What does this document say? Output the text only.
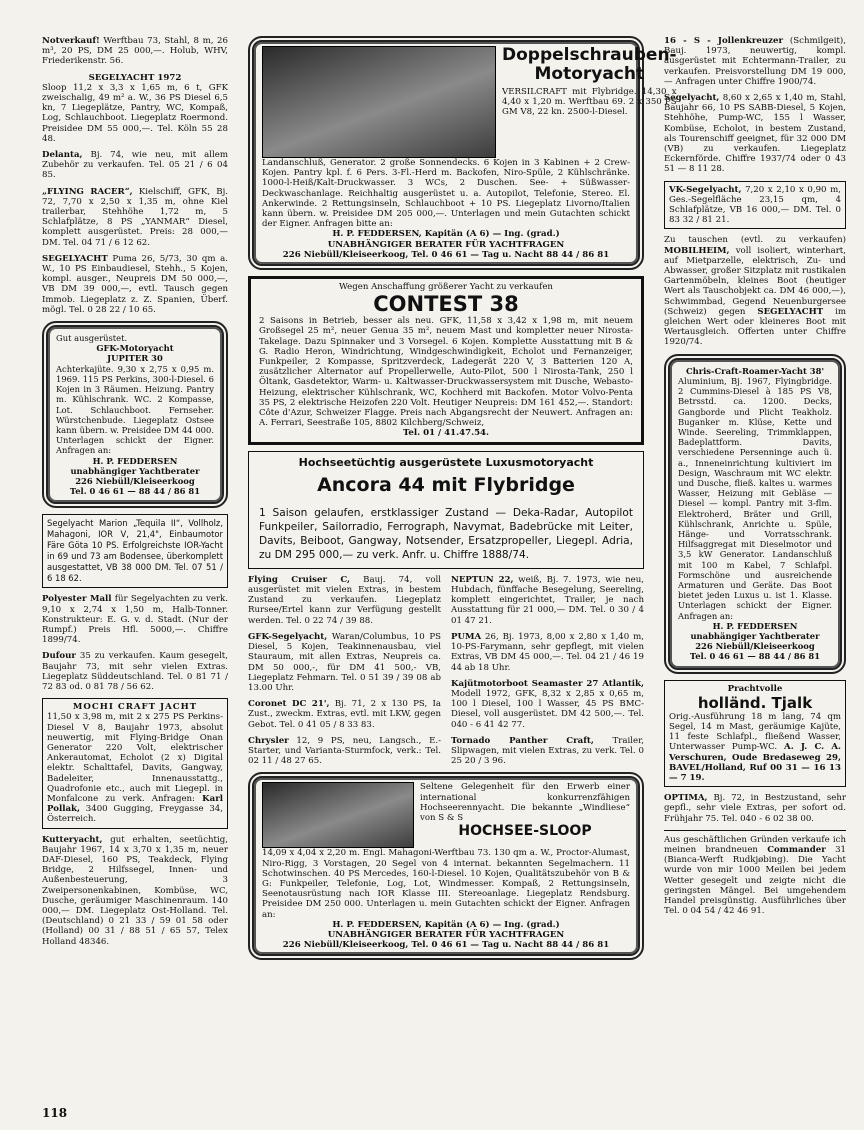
Notverkauf! Werftbau 73, Stahl, 8 m, 26 m³, 20 PS, DM 25 000,—. Holub, WHV, Friederikenstr. 56.
SEGELYACHT 1972
Sloop 11,2 x 3,3 x 1,65 m, 6 t, GFK zweischalig, 49 m² a. W., 36 PS Diesel 6,5 kn, 7 Liegeplätze, Pantry, WC, Kompaß, Log, Schlauchboot. Liegeplatz Roermond. Preisidee DM 55 000,—. Tel. Köln 55 28 48.
Delanta, Bj. 74, wie neu, mit allem Zubehör zu verkaufen. Tel. 05 21 / 6 04 85.
„FLYING RACER“, Kielschiff, GFK, Bj. 72, 7,70 x 2,50 x 1,35 m, ohne Kiel trailerbar, Stehhöhe 1,72 m, 5 Schlafplätze, 8 PS „YANMAR“ Diesel, komplett ausgerüstet. Preis: 28 000,— DM. Tel. 04 71 / 6 12 62.
SEGELYACHT Puma 26, 5/73, 30 qm a. W., 10 PS Einbaudiesel, Stehh., 5 Kojen, kompl. ausger., Neupreis DM 50 000,—, VB DM 39 000,—, evtl. Tausch gegen Immob. Liegeplatz z. Z. Spanien, Überf. mögl. Tel. 0 28 22 / 10 65.
Gut ausgerüstet.
GFK-Motoryacht
JUPITER 30
Achterkajüte. 9,30 x 2,75 x 0,95 m. 1969. 115 PS Perkins, 300-l-Diesel. 6 Kojen in 3 Räumen. Heizung. Pantry m. Kühlschrank. WC. 2 Kompasse, Lot. Schlauchboot. Fernseher. Würstchenbude. Liegeplatz Ostsee kann übern. w. Preisidee DM 44 000. Unterlagen schickt der Eigner. Anfragen an:
H. P. FEDDERSEN
unabhängiger Yachtberater
226 Niebüll/Kleiseerkoog
Tel. 0 46 61 — 88 44 / 86 81
Segelyacht Marion „Tequila II“, Vollholz, Mahagoni, IOR V, 21,4", Einbaumotor Färe Göta 10 PS. Erfolgreichste IOR-Yacht in 69 und 73 am Bodensee, überkomplett ausgestattet, VB 38 000 DM. Tel. 07 51 / 6 18 62.
Polyester Mall für Segelyachten zu verk. 9,10 x 2,74 x 1,50 m, Halb-Tonner. Konstrukteur: E. G. v. d. Stadt. (Nur der Rumpf.) Preis Hfl. 5000,—. Chiffre 1899/74.
Dufour 35 zu verkaufen. Kaum gesegelt, Baujahr 73, mit sehr vielen Extras. Liegeplatz Süddeutschland. Tel. 0 81 71 / 72 83 od. 0 81 78 / 56 62.
MOCHI CRAFT JACHT
11,50 x 3,98 m, mit 2 x 275 PS Perkins-Diesel V 8, Baujahr 1973, absolut neuwertig, mit Flying-Bridge Onan Generator 220 Volt, elektrischer Ankerautomat, Echolot (2 x) Digital elektr. Schalttafel, Davits, Gangway, Badeleiter, Innenausstattg., Quadrofonie etc., auch mit Liegepl. in Monfalcone zu verk. Anfragen: Karl Pollak, 3400 Gugging, Freygasse 34, Österreich.
Kutteryacht, gut erhalten, seetüchtig, Baujahr 1967, 14 x 3,70 x 1,35 m, neuer DAF-Diesel, 160 PS, Teakdeck, Flying Bridge, 2 Hilfssegel, Innen- und Außenbesteuerung, 3 Zweipersonenkabinen, Kombüse, WC, Dusche, geräumiger Maschinenraum. 140 000,— DM. Liegeplatz Ost-Holland. Tel. (Deutschland) 0 21 33 / 59 01 58 oder (Holland) 00 31 / 88 51 / 65 57, Telex Holland 48346.
Doppelschrauben-Motoryacht
VERSILCRAFT mit Flybridge. 14,30 x 4,40 x 1,20 m. Werftbau 69. 2 x 350 PS GM V8, 22 kn. 2500-l-Diesel.
Landanschluß, Generator. 2 große Sonnendecks. 6 Kojen in 3 Kabinen + 2 Crew-Kojen. Pantry kpl. f. 6 Pers. 3-Fl.-Herd m. Backofen, Niro-Spüle, 2 Kühlschränke. 1000-l-Heiß/Kalt-Druckwasser. 3 WCs, 2 Duschen. See- + Süßwasser-Deckwaschanlage. Reichhaltig ausgerüstet u. a. Autopilot, Telefonie, Stereo. El. Ankerwinde. 2 Rettungsinseln, Schlauchboot + 10 PS. Liegeplatz Livorno/Italien kann übern. w. Preisidee DM 205 000,—. Unterlagen und mein Gutachten schickt der Eigner. Anfragen bitte an:
H. P. FEDDERSEN, Kapitän (A 6) — Ing. (grad.)
UNABHÄNGIGER BERATER FÜR YACHTFRAGEN
226 Niebüll/Kleiseerkoog, Tel. 0 46 61 — Tag u. Nacht 88 44 / 86 81
Wegen Anschaffung größerer Yacht zu verkaufen
CONTEST 38
2 Saisons in Betrieb, besser als neu. GFK, 11,58 x 3,42 x 1,98 m, mit neuem Großsegel 25 m², neuer Genua 35 m², neuem Mast und kompletter neuer Nirosta-Takelage. Dazu Spinnaker und 3 Vorsegel. 6 Kojen. Komplette Ausstattung mit B & G. Radio Heron, Windrichtung, Windgeschwindigkeit, Echolot und Fernanzeiger, Funkpeiler, 2 Kompasse, Spritzverdeck, Ladegerät 220 V, 3 Batterien 120 A, zusätzlicher Alternator auf Propellerwelle, Auto-Pilot, 500 l Nirosta-Tank, 250 l Öltank, Gasdetektor, Warm- u. Kaltwasser-Druckwassersystem mit Dusche, Webasto-Heizung, elektrischer Kühlschrank, WC, Kochherd mit Backofen. Motor Volvo-Penta 35 PS, 2 elektrische Heizofen 220 Volt. Heutiger Neupreis: DM 161 452,—. Standort: Côte d'Azur, Schweizer Flagge. Preis nach Abgangsrecht der Neuwert. Anfragen an: A. Ferrari, Seestraße 105, 8802 Kilchberg/Schweiz,
Tel. 01 / 41.47.54.
Hochseetüchtig ausgerüstete Luxusmotoryacht
Ancora 44 mit Flybridge
1 Saison gelaufen, erstklassiger Zustand — Deka-Radar, Autopilot Funkpeiler, Sailorradio, Ferrograph, Navymat, Badebrücke mit Leiter, Davits, Beiboot, Gangway, Notsender, Ersatzpropeller, Liegepl. Adria, zu DM 295 000,— zu verk. Anfr. u. Chiffre 1888/74.
Flying Cruiser C, Bauj. 74, voll ausgerüstet mit vielen Extras, in bestem Zustand zu verkaufen. Liegeplatz Rursee/Ertel kann zur Verfügung gestellt werden. Tel. 0 22 74 / 39 88.
GFK-Segelyacht, Waran/Columbus, 10 PS Diesel, 5 Kojen, Teakinnenausbau, viel Stauraum, mit allen Extras, Neupreis ca. DM 50 000,-, für DM 41 500,- VB, Liegeplatz Fehmarn. Tel. 0 51 39 / 39 08 ab 13.00 Uhr.
Coronet DC 21', Bj. 71, 2 x 130 PS, Ia Zust., zweckm. Extras, evtl. mit LKW, gegen Gebot. Tel. 0 41 05 / 8 33 83.
Chrysler 12, 9 PS, neu, Langsch., E.-Starter, und Varianta-Sturmfock, verk.: Tel. 02 11 / 48 27 65.
NEPTUN 22, weiß, Bj. 7. 1973, wie neu, Hubdach, fünffache Besegelung, Seereling, komplett eingerichtet, Trailer, je nach Ausstattung für 21 000,— DM. Tel. 0 30 / 4 01 47 21.
PUMA 26, Bj. 1973, 8,00 x 2,80 x 1,40 m, 10-PS-Farymann, sehr gepflegt, mit vielen Extras, VB DM 45 000,—. Tel. 04 21 / 46 19 44 ab 18 Uhr.
Kajütmotorboot Seamaster 27 Atlantik, Modell 1972, GFK, 8,32 x 2,85 x 0,65 m, 100 l Diesel, 100 l Wasser, 45 PS BMC-Diesel, voll ausgerüstet. DM 42 500,—. Tel. 040 - 6 41 42 77.
Tornado Panther Craft, Trailer, Slipwagen, mit vielen Extras, zu verk. Tel. 0 25 20 / 3 96.
Seltene Gelegenheit für den Erwerb einer international konkurrenzfähigen Hochseerennyacht. Die bekannte „Windliese“ von S & S
HOCHSEE-SLOOP
14,09 x 4,04 x 2,20 m. Engl. Mahagoni-Werftbau 73. 130 qm a. W., Proctor-Alumast, Niro-Rigg, 3 Vorstagen, 20 Segel von 4 internat. bekannten Segelmachern. 11 Schotwinschen. 40 PS Mercedes, 160-l-Diesel. 10 Kojen, Qualitätszubehör von B & G: Funkpeiler, Telefonie, Log, Lot, Windmesser. Kompaß, 2 Rettungsinseln, Seenotausrüstung nach IOR Klasse III. Stereoanlage. Liegeplatz Rendsburg. Preisidee DM 250 000. Unterlagen u. mein Gutachten schickt der Eigner. Anfragen an:
H. P. FEDDERSEN, Kapitän (A 6) — Ing. (grad.)
UNABHÄNGIGER BERATER FÜR YACHTFRAGEN
226 Niebüll/Kleiseerkoog, Tel. 0 46 61 — Tag u. Nacht 88 44 / 86 81
16 - S - Jollenkreuzer (Schmilgeit), Bauj. 1973, neuwertig, kompl. ausgerüstet mit Echtermann-Trailer, zu verkaufen. Preisvorstellung DM 19 000,— Anfragen unter Chiffre 1900/74.
Segelyacht, 8,60 x 2,65 x 1,40 m, Stahl, Baujahr 66, 10 PS SABB-Diesel, 5 Kojen, Stehhöhe, Pump-WC, 155 l Wasser, Kombüse, Echolot, in bestem Zustand, als Tourenschiff geeignet, für 32 000 DM (VB) zu verkaufen. Liegeplatz Eckernförde. Chiffre 1937/74 oder 0 43 51 — 8 11 28.
VK-Segelyacht, 7,20 x 2,10 x 0,90 m, Ges.-Segelfläche 23,15 qm, 4 Schlafplätze, VB 16 000,— DM. Tel. 0 83 32 / 81 21.
Zu tauschen (evtl. zu verkaufen) MOBILHEIM, voll isoliert, winterhart, auf Mietparzelle, elektrisch, Zu- und Abwasser, großer Sitzplatz mit rustikalen Gartenmöbeln, kleines Boot (heutiger Wert als Tauschobjekt ca. DM 46 000,—), Schwimmbad, Gegend Neuenburgersee (Schweiz) gegen SEGELYACHT im gleichen Wert oder kleineres Boot mit Wertausgleich. Offerten unter Chiffre 1920/74.
Chris-Craft-Roamer-Yacht 38'
Aluminium, Bj. 1967, Flyingbridge. 2 Cummins-Diesel à 185 PS V8, Betrsstd. ca. 1200. Decks, Gangborde und Plicht Teakholz. Buganker m. Klüse, Kette und Winde. Seereling, Trimmklappen, Badeplattform. Davits, verschiedene Persenninge auch ü. a., Inneneinrichtung kultiviert im Design, Waschraum mit WC elektr. und Dusche, fließ. kaltes u. warmes Wasser, Heizung mit Gebläse — Diesel — kompl. Pantry mit 3-flm. Elektroherd, Bräter und Grill, Kühlschrank, Anrichte u. Spüle, Hänge- und Vorratsschrank. Hilfsaggregat mit Dieselmotor und 3,5 kW Generator. Landanschluß mit 100 m Kabel, 7 Schlafpl. Formschöne und ausreichende Armaturen und Geräte. Das Boot bietet jeden Luxus u. ist 1. Klasse. Unterlagen schickt der Eigner. Anfragen an:
H. P. FEDDERSEN
unabhängiger Yachtberater
226 Niebüll/Kleiseerkoog
Tel. 0 46 61 — 88 44 / 86 81
Prachtvolle
holländ. Tjalk
Orig.-Ausführung 18 m lang, 74 qm Segel, 14 m Mast, geräumige Kajüte, 11 feste Schlafpl., fließend Wasser, Unterwasser Pump-WC. A. J. C. A. Verschuren, Oude Bredaseweg 29, BAVEL/Holland, Ruf 00 31 — 16 13 — 7 19.
OPTIMA, Bj. 72, in Bestzustand, sehr gepfl., sehr viele Extras, per sofort od. Frühjahr 75. Tel. 040 - 6 02 38 00.
Aus geschäftlichen Gründen verkaufe ich meinen brandneuen Commander 31 (Bianca-Werft Rudkjøbing). Die Yacht wurde von mir 1000 Meilen bei jedem Wetter gesegelt und zeigte nicht die geringsten Mängel. Bei umgehendem Handel preisgünstig. Ausführliches über Tel. 0 04 54 / 42 46 91.
118
